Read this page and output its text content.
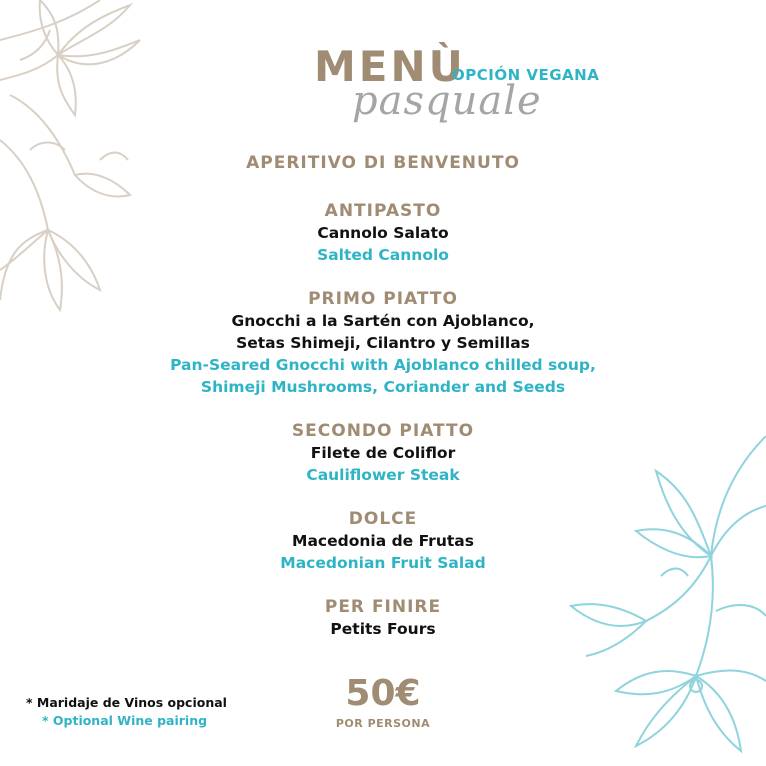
MENÙ
OPCIÓN VEGANA
pasquale
APERITIVO DI BENVENUTO
ANTIPASTO
Cannolo Salato
Salted Cannolo
PRIMO PIATTO
Gnocchi a la Sartén con Ajoblanco,
Setas Shimeji, Cilantro y Semillas
Pan-Seared Gnocchi with Ajoblanco chilled soup,
Shimeji Mushrooms, Coriander and Seeds
SECONDO PIATTO
Filete de Coliflor
Cauliflower Steak
DOLCE
Macedonia de Frutas
Macedonian Fruit Salad
PER FINIRE
Petits Fours
* Maridaje de Vinos opcional
* Optional Wine pairing
50€
POR PERSONA
